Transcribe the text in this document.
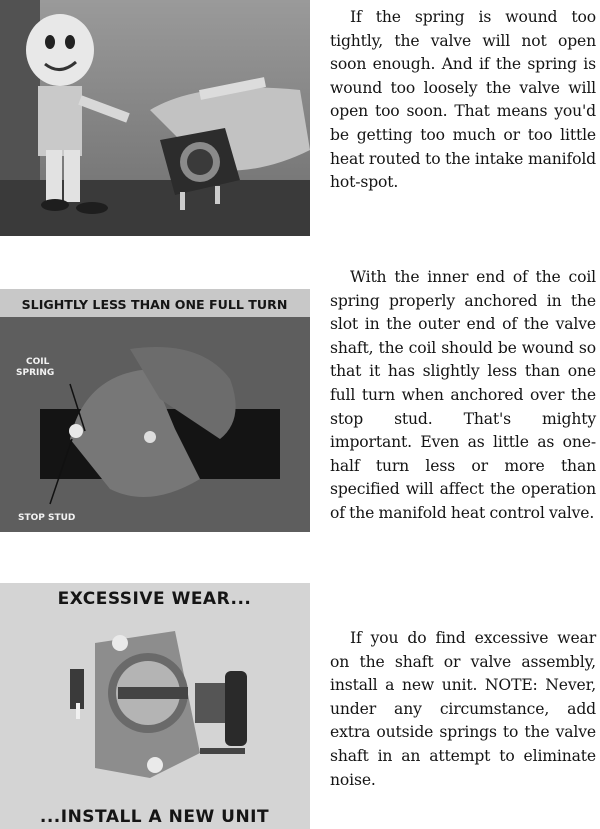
If the spring is wound too tightly, the valve will not open soon enough. And if the spring is wound too loosely the valve will open too soon. That means you'd be getting too much or too little heat routed to the intake manifold hot-spot.

SLIGHTLY LESS THAN ONE FULL TURN
COIL
SPRING
STOP STUD

With the inner end of the coil spring properly anchored in the slot in the outer end of the valve shaft, the coil should be wound so that it has slightly less than one full turn when anchored over the stop stud. That's mighty important. Even as little as one-half turn less or more than specified will affect the operation of the manifold heat control valve.

EXCESSIVE WEAR...
...INSTALL A NEW UNIT

If you do find excessive wear on the shaft or valve assembly, install a new unit. NOTE: Never, under any circumstance, add extra outside springs to the valve shaft in an attempt to eliminate noise.
